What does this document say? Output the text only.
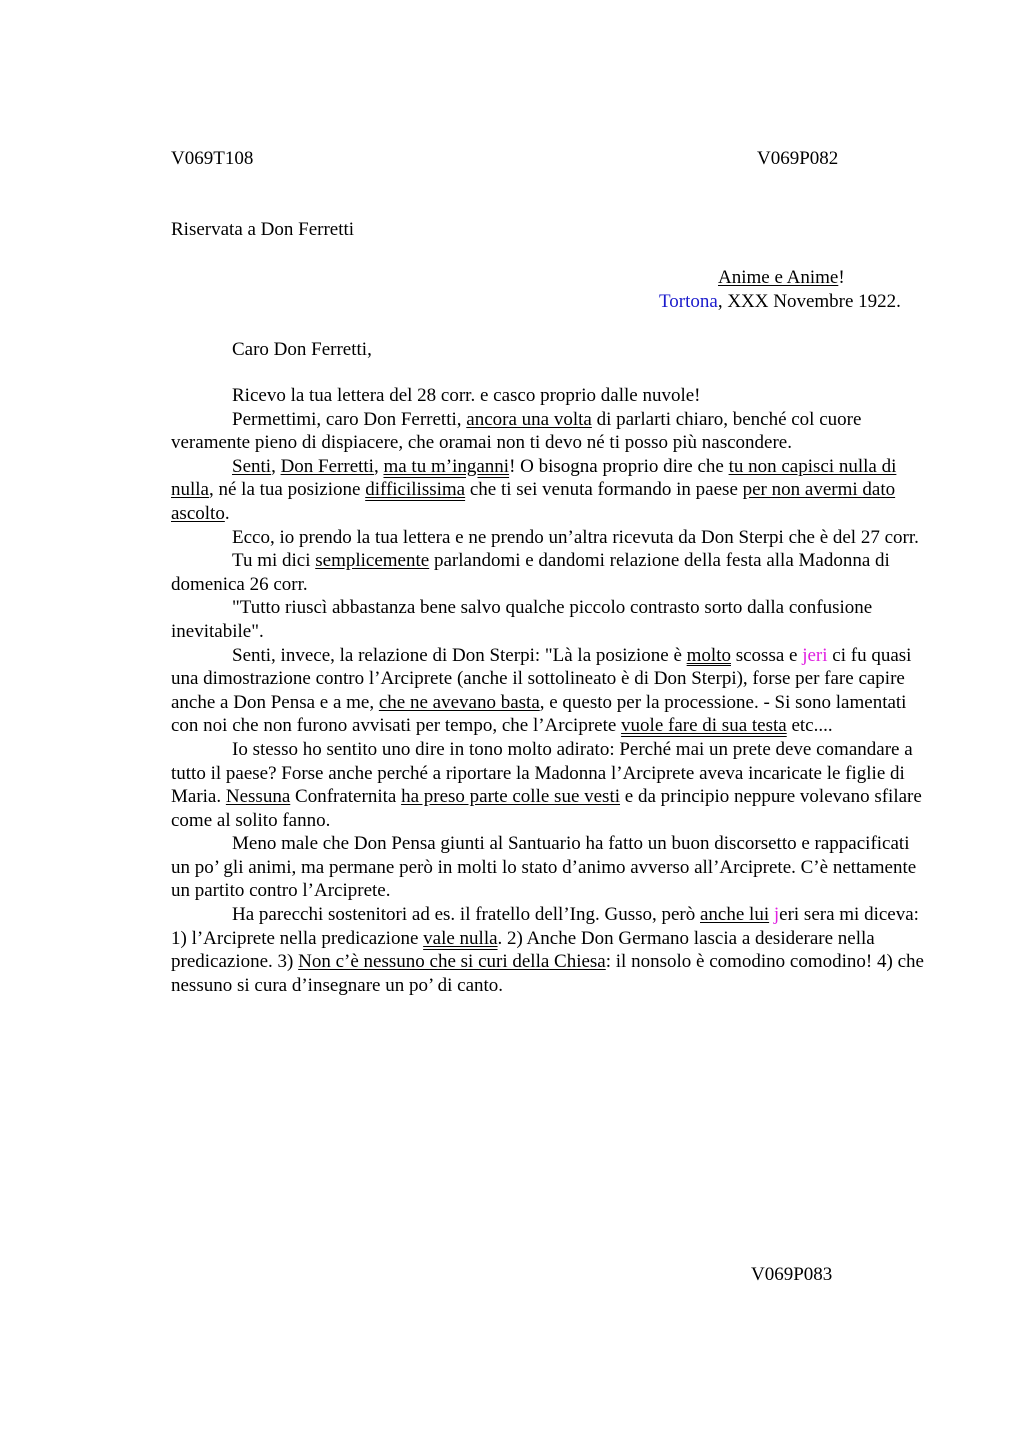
V069T108	V069P082
Riservata a Don Ferretti
Anime e Anime!
Tortona, XXX Novembre 1922.
Caro Don Ferretti,

Ricevo la tua lettera del 28 corr. e casco proprio dalle nuvole!

Permettimi, caro Don Ferretti, ancora una volta di parlarti chiaro, benché col cuore veramente pieno di dispiacere, che oramai non ti devo né ti posso più nascondere.

Senti, Don Ferretti, ma tu m’inganni! O bisogna proprio dire che tu non capisci nulla di nulla, né la tua posizione difficilissima che ti sei venuta formando in paese per non avermi dato ascolto.

Ecco, io prendo la tua lettera e ne prendo un’altra ricevuta da Don Sterpi che è del 27 corr.

Tu mi dici semplicemente parlandomi e dandomi relazione della festa alla Madonna di domenica 26 corr.

"Tutto riuscì abbastanza bene salvo qualche piccolo contrasto sorto dalla confusione inevitabile".

Senti, invece, la relazione di Don Sterpi: "Là la posizione è molto scossa e jeri ci fu quasi una dimostrazione contro l’Arciprete (anche il sottolineato è di Don Sterpi), forse per fare capire anche a Don Pensa e a me, che ne avevano basta, e questo per la processione. - Si sono lamentati con noi che non furono avvisati per tempo, che l’Arciprete vuole fare di sua testa etc....

Io stesso ho sentito uno dire in tono molto adirato: Perché mai un prete deve comandare a tutto il paese? Forse anche perché a riportare la Madonna l’Arciprete aveva incaricate le figlie di Maria. Nessuna Confraternita ha preso parte colle sue vesti e da principio neppure volevano sfilare come al solito fanno.

Meno male che Don Pensa giunti al Santuario ha fatto un buon discorsetto e rappacificati un po’ gli animi, ma permane però in molti lo stato d’animo avverso all’Arciprete. C’è nettamente un partito contro l’Arciprete.

Ha parecchi sostenitori ad es. il fratello dell’Ing. Gusso, però anche lui jeri sera mi diceva: 1) l’Arciprete nella predicazione vale nulla. 2) Anche Don Germano lascia a desiderare nella predicazione. 3) Non c’è nessuno che si curi della Chiesa: il nonsolo è comodino comodino! 4) che nessuno si cura d’insegnare un po’ di canto.

V069P083
